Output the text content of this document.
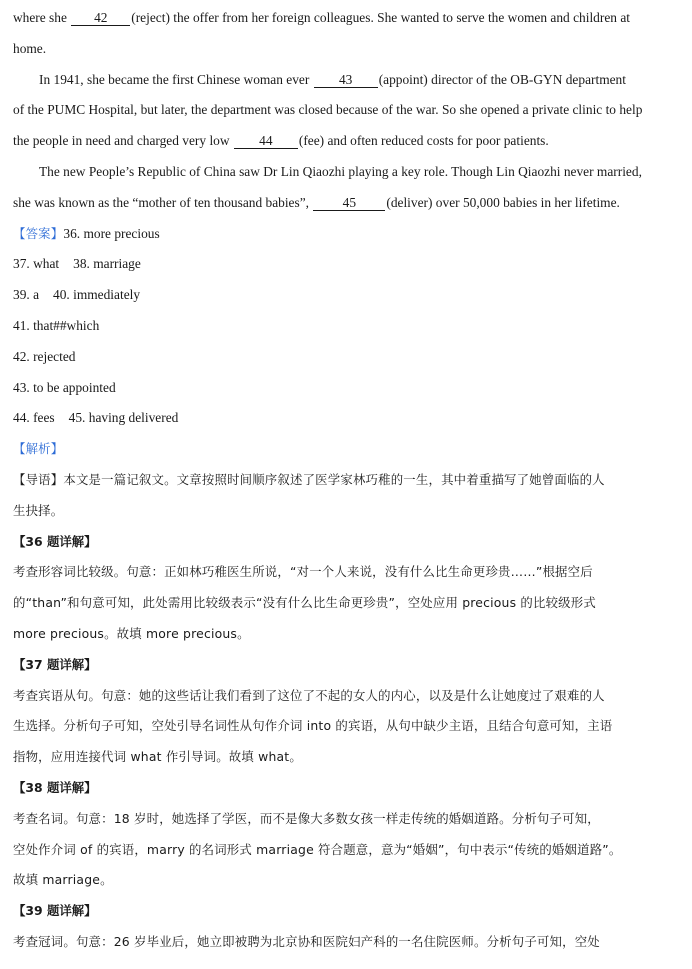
where she 42 (reject) the offer from her foreign colleagues. She wanted to serve the women and children at
home.
In 1941, she became the first Chinese woman ever 43 (appoint) director of the OB-GYN department
of the PUMC Hospital, but later, the department was closed because of the war. So she opened a private clinic to help
the people in need and charged very low 44 (fee) and often reduced costs for poor patients.
The new People’s Republic of China saw Dr Lin Qiaozhi playing a key role. Though Lin Qiaozhi never married,
she was known as the “mother of ten thousand babies”, 45 (deliver) over 50,000 babies in her lifetime.
【答案】36. more precious
37. what 38. marriage
39. a 40. immediately
41. that##which
42. rejected
43. to be appointed
44. fees 45. having delivered
【解析】
【导语】本文是一篇记叙文。文章按照时间顺序叙述了医学家林巧稚的一生，其中着重描写了她曾面临的人
生抉择。
【36 题详解】
考查形容词比较级。句意：正如林巧稚医生所说，“对一个人来说，没有什么比生命更珍贵……”根据空后
的“than”和句意可知，此处需用比较级表示“没有什么比生命更珍贵”，空处应用 precious 的比较级形式
more precious。故填 more precious。
【37 题详解】
考查宾语从句。句意：她的这些话让我们看到了这位了不起的女人的内心，以及是什么让她度过了艰难的人
生选择。分析句子可知，空处引导名词性从句作介词 into 的宾语，从句中缺少主语，且结合句意可知，主语
指物，应用连接代词 what 作引导词。故填 what。
【38 题详解】
考查名词。句意：18 岁时，她选择了学医，而不是像大多数女孩一样走传统的婚姻道路。分析句子可知，
空处作介词 of 的宾语，marry 的名词形式 marriage 符合题意，意为“婚姻”，句中表示“传统的婚姻道路”。
故填 marriage。
【39 题详解】
考查冠词。句意：26 岁毕业后，她立即被聘为北京协和医院妇产科的一名住院医师。分析句子可知，空处
